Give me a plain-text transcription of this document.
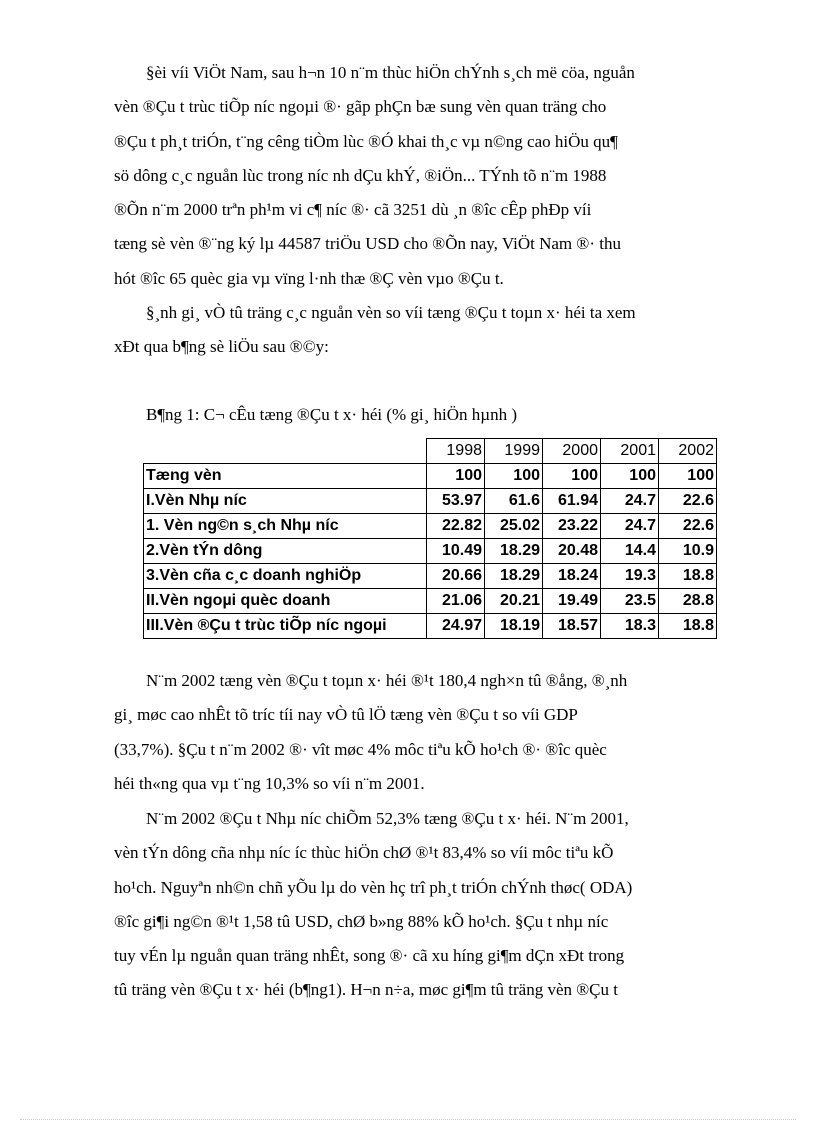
§èi víi ViÖt Nam, sau h¬n 10 n¨m thùc hiÖn chÝnh s¸ch më cöa, nguån
vèn ®Çu t trùc tiÕp níc ngoµi ®· gãp phÇn bæ sung vèn quan träng cho
®Çu t ph¸t triÓn, t¨ng cêng tiÒm lùc ®Ó khai th¸c vµ n©ng cao hiÖu qu¶
sö dông c¸c nguån lùc trong níc nh dÇu khÝ, ®iÖn... TÝnh tõ n¨m 1988
®Õn n¨m 2000 trªn ph¹m vi c¶ níc ®· cã 3251 dù ¸n ®îc cÊp phÐp víi
tæng sè vèn ®¨ng ký lµ 44587 triÖu USD cho ®Õn nay, ViÖt Nam ®· thu
hót ®îc 65 quèc gia vµ vïng l·nh thæ ®Ç vèn vµo ®Çu t.
§¸nh gi¸ vÒ tû träng c¸c nguån vèn so víi tæng ®Çu t toµn x· héi ta xem
xÐt qua b¶ng sè liÖu sau ®©y:
B¶ng 1: C¬ cÊu tæng ®Çu t x· héi (% gi¸ hiÖn hµnh )
	1998	1999	2000	2001	2002
Tæng vèn	100	100	100	100	100
I.Vèn Nhµ níc	53.97	61.6	61.94	24.7	22.6
1. Vèn ng©n s¸ch Nhµ níc	22.82	25.02	23.22	24.7	22.6
2.Vèn tÝn dông	10.49	18.29	20.48	14.4	10.9
3.Vèn cña c¸c doanh nghiÖp	20.66	18.29	18.24	19.3	18.8
II.Vèn ngoµi quèc doanh	21.06	20.21	19.49	23.5	28.8
III.Vèn ®Çu t trùc tiÕp níc ngoµi	24.97	18.19	18.57	18.3	18.8
N¨m 2002 tæng vèn ®Çu t toµn x· héi ®¹t 180,4 ngh×n tû ®ång, ®¸nh
gi¸ møc cao nhÊt tõ tríc tíi nay vÒ tû lÖ tæng vèn ®Çu t so víi GDP
(33,7%). §Çu t n¨m 2002 ®· vît møc 4% môc tiªu kÕ ho¹ch ®· ®îc quèc
héi th«ng qua vµ t¨ng 10,3% so víi n¨m 2001.
N¨m 2002 ®Çu t Nhµ níc chiÕm 52,3% tæng ®Çu t x· héi. N¨m 2001,
vèn tÝn dông cña nhµ níc íc thùc hiÖn chØ ®¹t 83,4% so víi môc tiªu kÕ
ho¹ch. Nguyªn nh©n chñ yÕu lµ do vèn hç trî ph¸t triÓn chÝnh thøc( ODA)
®îc gi¶i ng©n ®¹t 1,58 tû USD, chØ b»ng 88% kÕ ho¹ch. §Çu t nhµ níc
tuy vÉn lµ nguån quan träng nhÊt, song ®· cã xu híng gi¶m dÇn xÐt trong
tû träng vèn ®Çu t x· héi (b¶ng1). H¬n n÷a, møc gi¶m tû träng vèn ®Çu t
